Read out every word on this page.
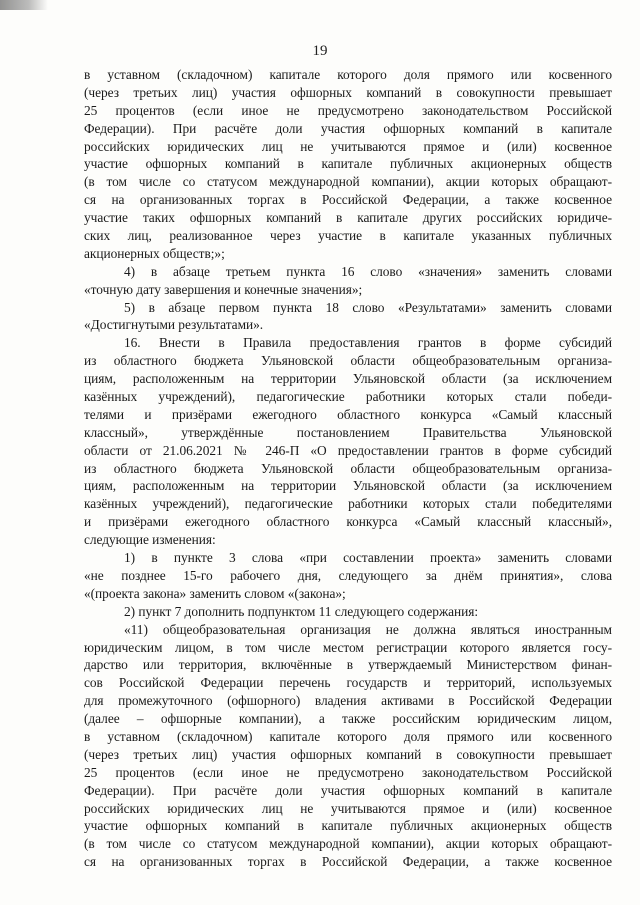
19
в уставном (складочном) капитале которого доля прямого или косвенного
(через третьих лиц) участия офшорных компаний в совокупности превышает
25 процентов (если иное не предусмотрено законодательством Российской
Федерации). При расчёте доли участия офшорных компаний в капитале
российских юридических лиц не учитываются прямое и (или) косвенное
участие офшорных компаний в капитале публичных акционерных обществ
(в том числе со статусом международной компании), акции которых обращают-
ся на организованных торгах в Российской Федерации, а также косвенное
участие таких офшорных компаний в капитале других российских юридиче-
ских лиц, реализованное через участие в капитале указанных публичных
акционерных обществ;»;
4) в абзаце третьем пункта 16 слово «значения» заменить словами
«точную дату завершения и конечные значения»;
5) в абзаце первом пункта 18 слово «Результатами» заменить словами
«Достигнутыми результатами».
16. Внести в Правила предоставления грантов в форме субсидий
из областного бюджета Ульяновской области общеобразовательным организа-
циям, расположенным на территории Ульяновской области (за исключением
казённых учреждений), педагогические работники которых стали победи-
телями и призёрами ежегодного областного конкурса «Самый классный
классный», утверждённые постановлением Правительства Ульяновской
области от 21.06.2021 № 246-П «О предоставлении грантов в форме субсидий
из областного бюджета Ульяновской области общеобразовательным организа-
циям, расположенным на территории Ульяновской области (за исключением
казённых учреждений), педагогические работники которых стали победителями
и призёрами ежегодного областного конкурса «Самый классный классный»,
следующие изменения:
1) в пункте 3 слова «при составлении проекта» заменить словами
«не позднее 15-го рабочего дня, следующего за днём принятия», слова
«(проекта закона» заменить словом «(закона»;
2) пункт 7 дополнить подпунктом 11 следующего содержания:
«11) общеобразовательная организация не должна являться иностранным
юридическим лицом, в том числе местом регистрации которого является госу-
дарство или территория, включённые в утверждаемый Министерством финан-
сов Российской Федерации перечень государств и территорий, используемых
для промежуточного (офшорного) владения активами в Российской Федерации
(далее – офшорные компании), а также российским юридическим лицом,
в уставном (складочном) капитале которого доля прямого или косвенного
(через третьих лиц) участия офшорных компаний в совокупности превышает
25 процентов (если иное не предусмотрено законодательством Российской
Федерации). При расчёте доли участия офшорных компаний в капитале
российских юридических лиц не учитываются прямое и (или) косвенное
участие офшорных компаний в капитале публичных акционерных обществ
(в том числе со статусом международной компании), акции которых обращают-
ся на организованных торгах в Российской Федерации, а также косвенное
